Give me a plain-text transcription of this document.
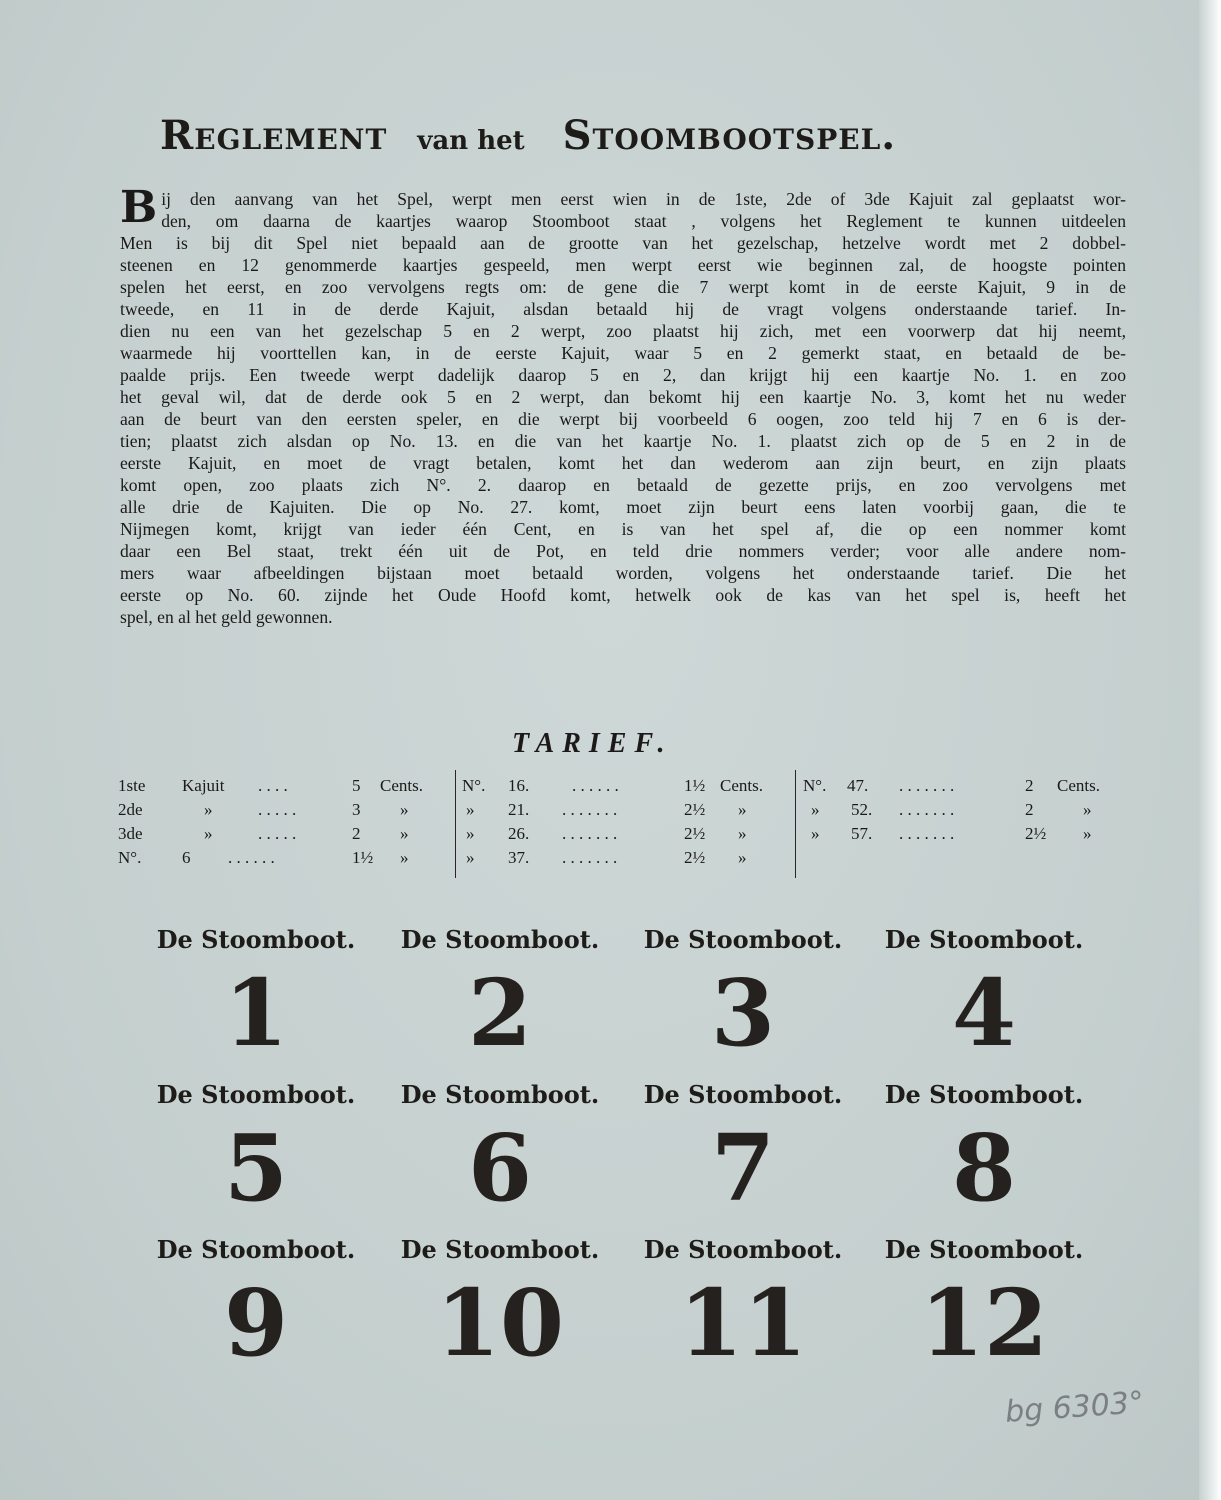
Reglement van het Stoombootspel.
B ij den aanvang van het Spel, werpt men eerst wien in de 1ste, 2de of 3de Kajuit zal geplaatst wor-
den, om daarna de kaartjes waarop Stoomboot staat , volgens het Reglement te kunnen uitdeelen
Men is bij dit Spel niet bepaald aan de grootte van het gezelschap, hetzelve wordt met 2 dobbel-
steenen en 12 genommerde kaartjes gespeeld, men werpt eerst wie beginnen zal, de hoogste pointen
spelen het eerst, en zoo vervolgens regts om: de gene die 7 werpt komt in de eerste Kajuit, 9 in de
tweede, en 11 in de derde Kajuit, alsdan betaald hij de vragt volgens onderstaande tarief. In-
dien nu een van het gezelschap 5 en 2 werpt, zoo plaatst hij zich, met een voorwerp dat hij neemt,
waarmede hij voorttellen kan, in de eerste Kajuit, waar 5 en 2 gemerkt staat, en betaald de be-
paalde prijs. Een tweede werpt dadelijk daarop 5 en 2, dan krijgt hij een kaartje No. 1. en zoo
het geval wil, dat de derde ook 5 en 2 werpt, dan bekomt hij een kaartje No. 3, komt het nu weder
aan de beurt van den eersten speler, en die werpt bij voorbeeld 6 oogen, zoo teld hij 7 en 6 is der-
tien; plaatst zich alsdan op No. 13. en die van het kaartje No. 1. plaatst zich op de 5 en 2 in de
eerste Kajuit, en moet de vragt betalen, komt het dan wederom aan zijn beurt, en zijn plaats
komt open, zoo plaats zich N°. 2. daarop en betaald de gezette prijs, en zoo vervolgens met
alle drie de Kajuiten. Die op No. 27. komt, moet zijn beurt eens laten voorbij gaan, die te
Nijmegen komt, krijgt van ieder één Cent, en is van het spel af, die op een nommer komt
daar een Bel staat, trekt één uit de Pot, en teld drie nommers verder; voor alle andere nom-
mers waar afbeeldingen bijstaan moet betaald worden, volgens het onderstaande tarief. Die het
eerste op No. 60. zijnde het Oude Hoofd komt, hetwelk ook de kas van het spel is, heeft het
spel, en al het geld gewonnen.
TARIEF.
1ste Kajuit . . . .	5 Cents.
2de	»	. . . . .	3 »
3de	»	. . . . .	2 »
N°. 6 . . . . . .	1½ »
N°. 16.	. . . . . .	1½ Cents.
» 21. . . . . . . .	2½ »
» 26. . . . . . . .	2½ »
» 37. . . . . . . .	2½ »
N°. 47. . . . . . . .	2 Cents.
» 52. . . . . . . .	2	»
» 57. . . . . . . .	2½ »
De Stoomboot.
1
De Stoomboot.
2
De Stoomboot.
3
De Stoomboot.
4
De Stoomboot.
5
De Stoomboot.
6
De Stoomboot.
7
De Stoomboot.
8
De Stoomboot.
9
De Stoomboot.
10
De Stoomboot.
11
De Stoomboot.
12
bg 6303°
